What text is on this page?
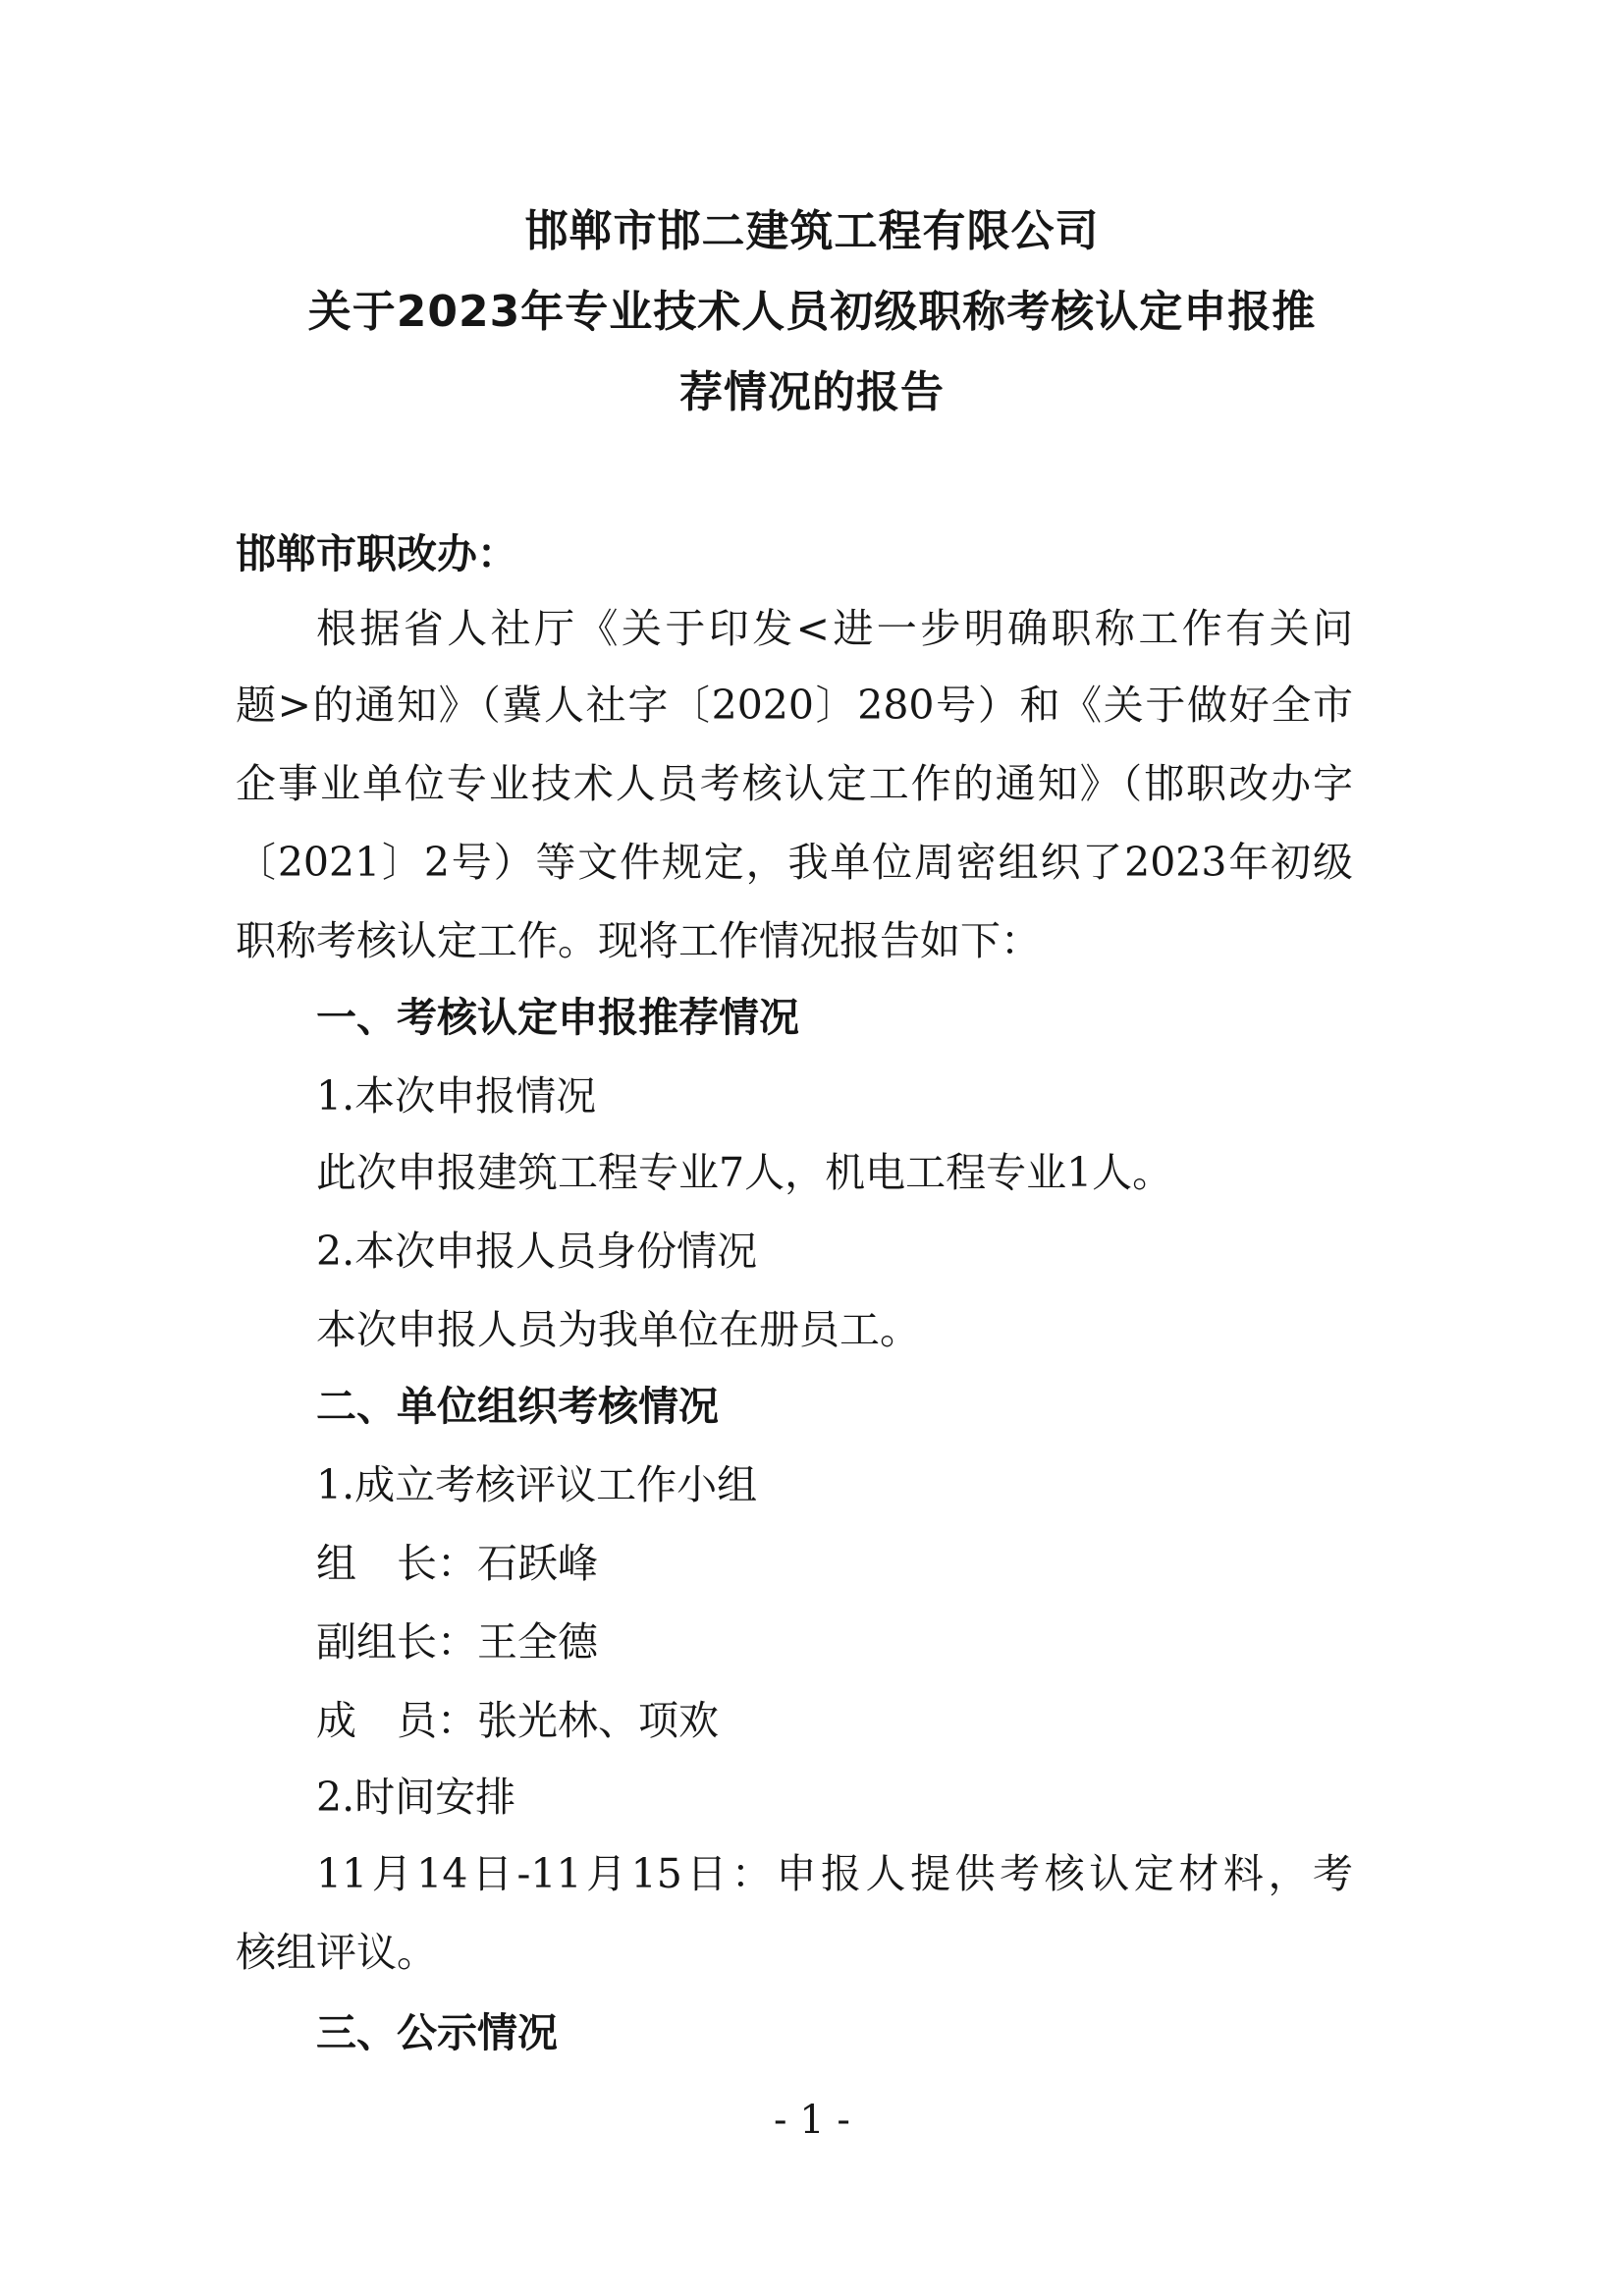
邯郸市邯二建筑工程有限公司
关于2023年专业技术人员初级职称考核认定申报推
荐情况的报告
邯郸市职改办：
根据省人社厅《关于印发<进一步明确职称工作有关问
题>的通知》（冀人社字〔2020〕280号）和《关于做好全市
企事业单位专业技术人员考核认定工作的通知》（邯职改办字
〔2021〕2号）等文件规定，我单位周密组织了2023年初级
职称考核认定工作。现将工作情况报告如下：
一、考核认定申报推荐情况
1.本次申报情况
此次申报建筑工程专业7人，机电工程专业1人。
2.本次申报人员身份情况
本次申报人员为我单位在册员工。
二、单位组织考核情况
1.成立考核评议工作小组
组　长：石跃峰
副组长：王全德
成　员：张光林、项欢
2.时间安排
11月14日-11月15日：申报人提供考核认定材料，考
核组评议。
三、公示情况
- 1 -
